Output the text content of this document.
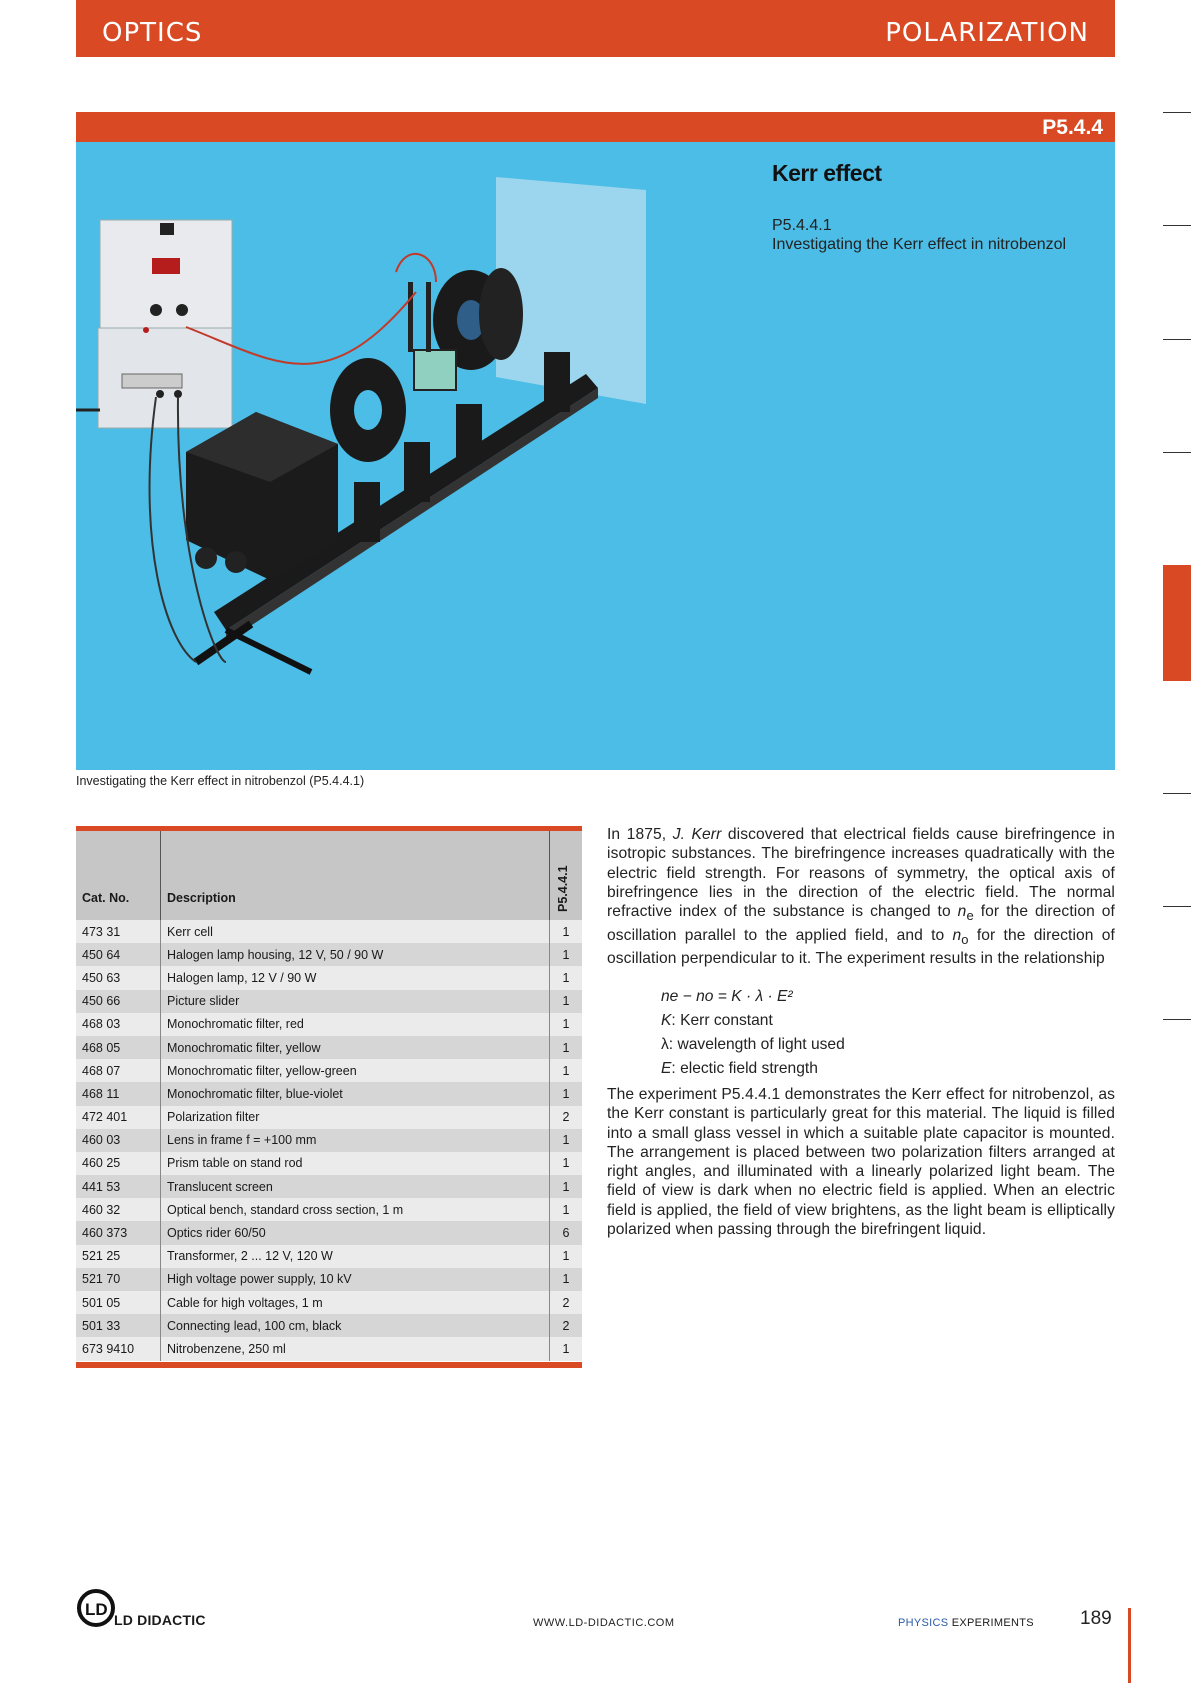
OPTICS	POLARIZATION
P5.4.4
Kerr effect
P5.4.4.1
Investigating the Kerr effect in nitrobenzol
Investigating the Kerr effect in nitrobenzol (P5.4.4.1)
Cat. No.	Description	P5.4.4.1

473 31	Kerr cell	1
450 64	Halogen lamp housing, 12 V, 50 / 90 W	1
450 63	Halogen lamp, 12 V / 90 W	1
450 66	Picture slider	1
468 03	Monochromatic filter, red	1
468 05	Monochromatic filter, yellow	1
468 07	Monochromatic filter, yellow-green	1
468 11	Monochromatic filter, blue-violet	1
472 401	Polarization filter	2
460 03	Lens in frame f = +100 mm	1
460 25	Prism table on stand rod	1
441 53	Translucent screen	1
460 32	Optical bench, standard cross section, 1 m	1
460 373	Optics rider 60/50	6
521 25	Transformer, 2 ... 12 V, 120 W	1
521 70	High voltage power supply, 10 kV	1
501 05	Cable for high voltages, 1 m	2
501 33	Connecting lead, 100 cm, black	2
673 9410	Nitrobenzene, 250 ml	1
In 1875, J. Kerr discovered that electrical fields cause birefringence in isotropic substances. The birefringence increases quadratically with the electric field strength. For reasons of symmetry, the optical axis of birefringence lies in the direction of the electric field. The normal refractive index of the substance is changed to $n_e$ for the direction of oscillation parallel to the applied field, and to $n_o$ for the direction of oscillation perpendicular to it. The experiment results in the relationship
ne − no = K · λ · E²
K: Kerr constant
λ: wavelength of light used
E: electic field strength
The experiment P5.4.4.1 demonstrates the Kerr effect for nitrobenzol, as the Kerr constant is particularly great for this material. The liquid is filled into a small glass vessel in which a suitable plate capacitor is mounted. The arrangement is placed between two polarization filters arranged at right angles, and illuminated with a linearly polarized light beam. The field of view is dark when no electric field is applied. When an electric field is applied, the field of view brightens, as the light beam is elliptically polarized when passing through the birefringent liquid.
LD
LD DIDACTIC	WWW.LD-DIDACTIC.COM	PHYSICS EXPERIMENTS 189
